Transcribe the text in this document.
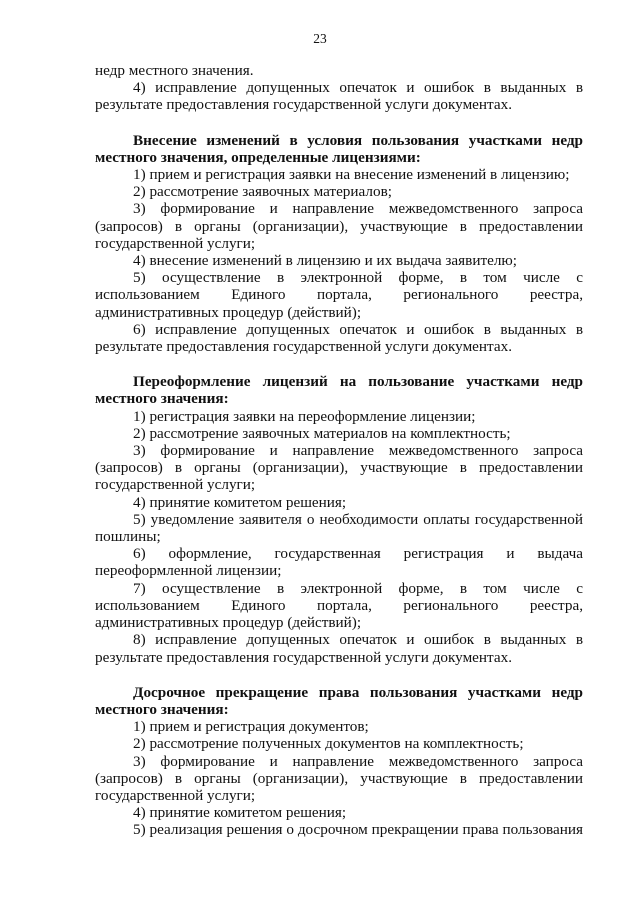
23

недр местного значения.

4) исправление допущенных опечаток и ошибок в выданных в результате предоставления государственной услуги документах.

Внесение изменений в условия пользования участками недр местного значения, определенные лицензиями:

1) прием и регистрация заявки на внесение изменений в лицензию;

2) рассмотрение заявочных материалов;

3) формирование и направление межведомственного запроса (запросов) в органы (организации), участвующие в предоставлении государственной услуги;

4) внесение изменений в лицензию и их выдача заявителю;

5) осуществление в электронной форме, в том числе с использованием Единого портала, регионального реестра, административных процедур (действий);

6) исправление допущенных опечаток и ошибок в выданных в результате предоставления государственной услуги документах.

Переоформление лицензий на пользование участками недр местного значения:

1) регистрация заявки на переоформление лицензии;

2) рассмотрение заявочных материалов на комплектность;

3) формирование и направление межведомственного запроса (запросов) в органы (организации), участвующие в предоставлении государственной услуги;

4) принятие комитетом решения;

5) уведомление заявителя о необходимости оплаты государственной пошлины;

6) оформление, государственная регистрация и выдача переоформленной лицензии;

7) осуществление в электронной форме, в том числе с использованием Единого портала, регионального реестра, административных процедур (действий);

8) исправление допущенных опечаток и ошибок в выданных в результате предоставления государственной услуги документах.

Досрочное прекращение права пользования участками недр местного значения:

1) прием и регистрация документов;

2) рассмотрение полученных документов на комплектность;

3) формирование и направление межведомственного запроса (запросов) в органы (организации), участвующие в предоставлении государственной услуги;

4) принятие комитетом решения;

5) реализация решения о досрочном прекращении права пользования
